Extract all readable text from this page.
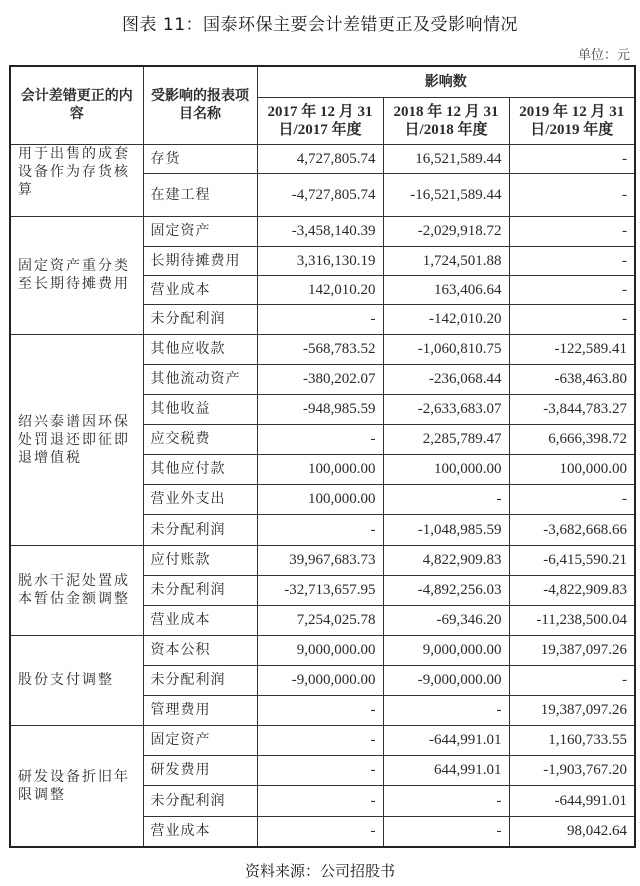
图表 11：国泰环保主要会计差错更正及受影响情况
单位：元
会计差错更正的内容	受影响的报表项目名称	影响数		
		2017 年 12 月 31 日/2017 年度	2018 年 12 月 31 日/2018 年度	2019 年 12 月 31 日/2019 年度
用于出售的成套设备作为存货核算	存货	4,727,805.74	16,521,589.44	-
	在建工程	-4,727,805.74	-16,521,589.44	-
固定资产重分类至长期待摊费用	固定资产	-3,458,140.39	-2,029,918.72	-
	长期待摊费用	3,316,130.19	1,724,501.88	-
	营业成本	142,010.20	163,406.64	-
	未分配利润	-	-142,010.20	-
绍兴泰谱因环保处罚退还即征即退增值税	其他应收款	-568,783.52	-1,060,810.75	-122,589.41
	其他流动资产	-380,202.07	-236,068.44	-638,463.80
	其他收益	-948,985.59	-2,633,683.07	-3,844,783.27
	应交税费	-	2,285,789.47	6,666,398.72
	其他应付款	100,000.00	100,000.00	100,000.00
	营业外支出	100,000.00	-	-
	未分配利润	-	-1,048,985.59	-3,682,668.66
脱水干泥处置成本暂估金额调整	应付账款	39,967,683.73	4,822,909.83	-6,415,590.21
	未分配利润	-32,713,657.95	-4,892,256.03	-4,822,909.83
	营业成本	7,254,025.78	-69,346.20	-11,238,500.04
股份支付调整	资本公积	9,000,000.00	9,000,000.00	19,387,097.26
	未分配利润	-9,000,000.00	-9,000,000.00	-
	管理费用	-	-	19,387,097.26
研发设备折旧年限调整	固定资产	-	-644,991.01	1,160,733.55
	研发费用	-	644,991.01	-1,903,767.20
	未分配利润	-	-	-644,991.01
	营业成本	-	-	98,042.64
资料来源：公司招股书
